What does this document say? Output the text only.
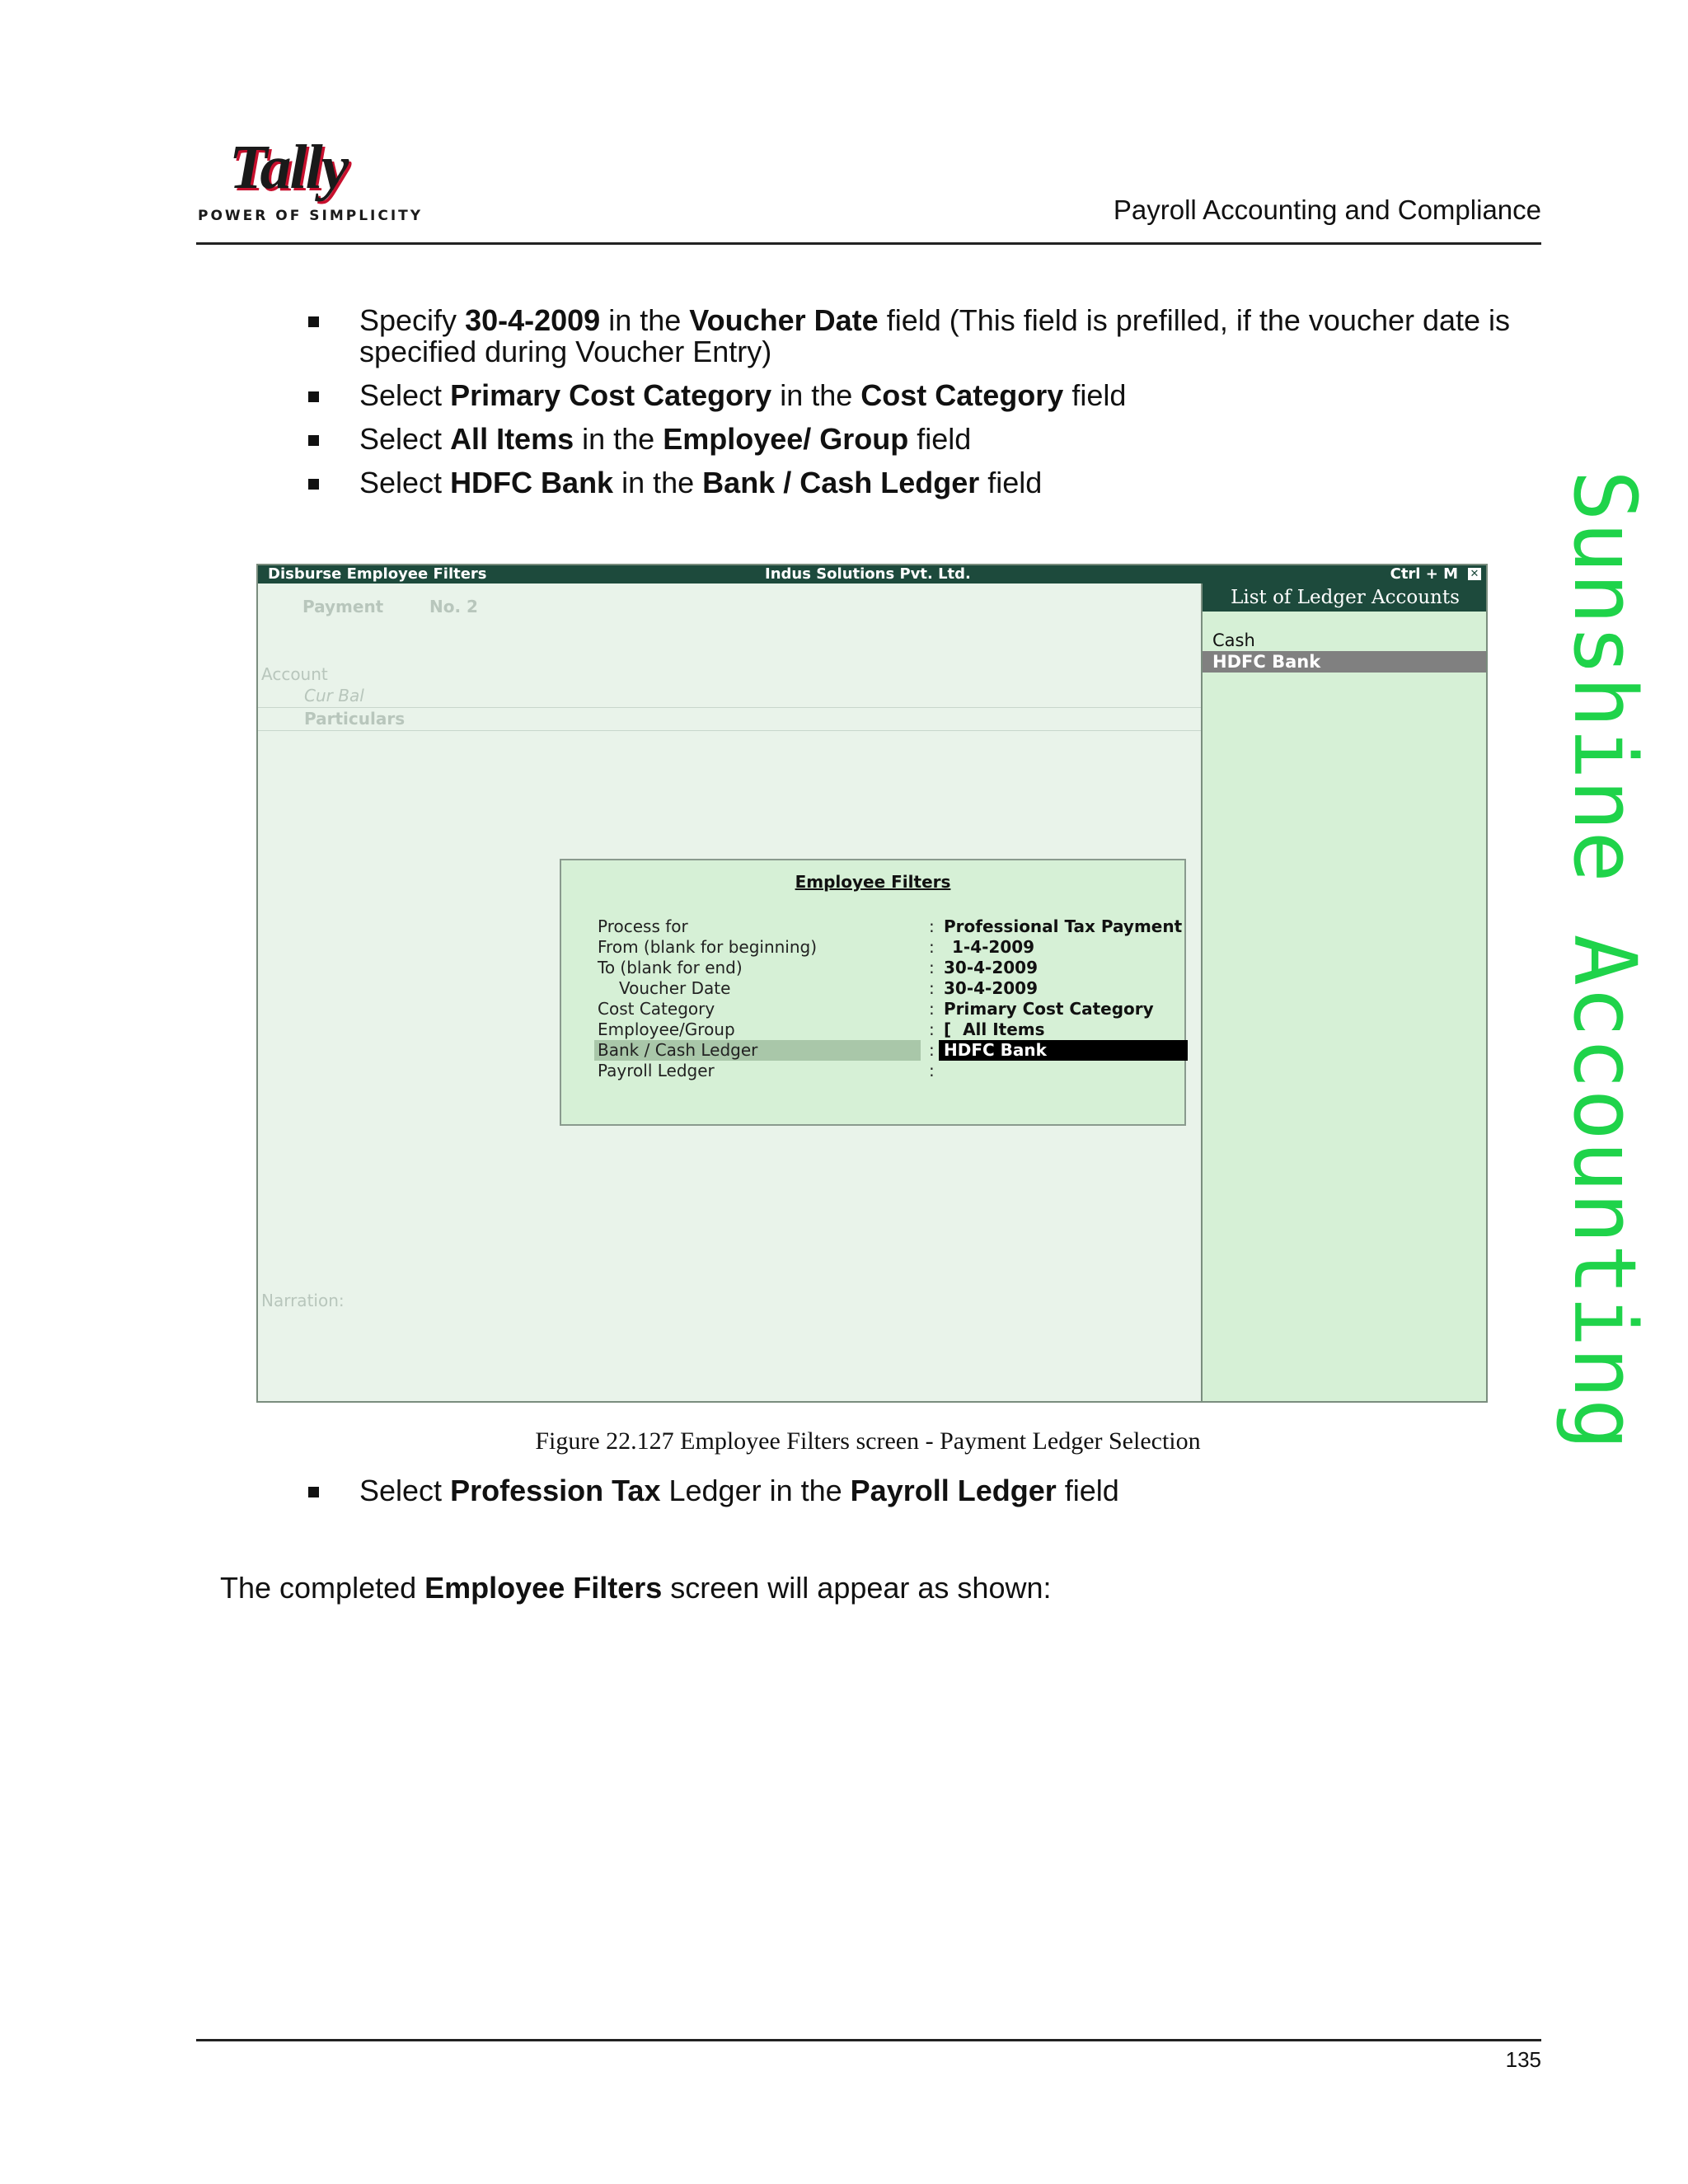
Tally
POWER OF SIMPLICITY	Payroll Accounting and Compliance
Sunshine Accounting
Specify 30-4-2009 in the Voucher Date field (This field is prefilled, if the voucher date is specified during Voucher Entry)
Select Primary Cost Category in the Cost Category field
Select All Items in the Employee/ Group field
Select HDFC Bank in the Bank / Cash Ledger field
Disburse Employee Filters	Indus Solutions Pvt. Ltd.	Ctrl + M ✕
Payment	No. 2
Account
Cur Bal
Particulars
Narration:
List of Ledger Accounts
Cash
HDFC Bank
Employee Filters
Process for	: Professional Tax Payment
From (blank for beginning)	: 1-4-2009
To (blank for end)	: 30-4-2009
Voucher Date	: 30-4-2009
Cost Category	: Primary Cost Category
Employee/Group	: [  All Items
Bank / Cash Ledger	: HDFC Bank
Payroll Ledger	:
Figure 22.127 Employee Filters screen - Payment Ledger Selection
Select Profession Tax Ledger in the Payroll Ledger field
The completed Employee Filters screen will appear as shown:
135
